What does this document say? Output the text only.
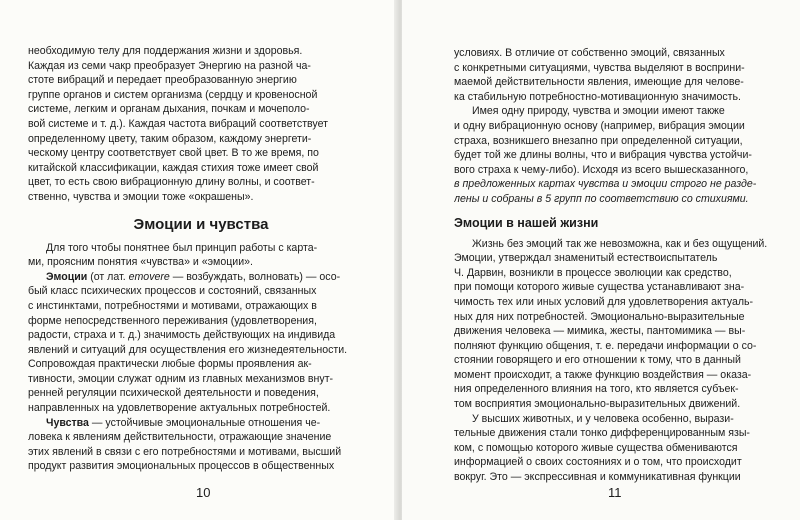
необходимую телу для поддержания жизни и здоровья.
Каждая из семи чакр преобразует Энергию на разной ча-
стоте вибраций и передает преобразованную энергию
группе органов и систем организма (сердцу и кровеносной
системе, легким и органам дыхания, почкам и мочеполо-
вой системе и т. д.). Каждая частота вибраций соответствует
определенному цвету, таким образом, каждому энергети-
ческому центру соответствует свой цвет. В то же время, по
китайской классификации, каждая стихия тоже имеет свой
цвет, то есть свою вибрационную длину волны, и соответ-
ственно, чувства и эмоции тоже «окрашены».
Эмоции и чувства
Для того чтобы понятнее был принцип работы с карта-
ми, проясним понятия «чувства» и «эмоции».
Эмоции (от лат. emovere — возбуждать, волновать) — осо-
бый класс психических процессов и состояний, связанных
с инстинктами, потребностями и мотивами, отражающих в
форме непосредственного переживания (удовлетворения,
радости, страха и т. д.) значимость действующих на индивида
явлений и ситуаций для осуществления его жизнедеятельности.
Сопровождая практически любые формы проявления ак-
тивности, эмоции служат одним из главных механизмов внут-
ренней регуляции психической деятельности и поведения,
направленных на удовлетворение актуальных потребностей.
Чувства — устойчивые эмоциональные отношения че-
ловека к явлениям действительности, отражающие значение
этих явлений в связи с его потребностями и мотивами, высший
продукт развития эмоциональных процессов в общественных
10
условиях. В отличие от собственно эмоций, связанных
с конкретными ситуациями, чувства выделяют в восприни-
маемой действительности явления, имеющие для челове-
ка стабильную потребностно-мотивационную значимость.
Имея одну природу, чувства и эмоции имеют также
и одну вибрационную основу (например, вибрация эмоции
страха, возникшего внезапно при определенной ситуации,
будет той же длины волны, что и вибрация чувства устойчи-
вого страха к чему-либо). Исходя из всего вышесказанного,
в предложенных картах чувства и эмоции строго не разде-
лены и собраны в 5 групп по соответствию со стихиями.
Эмоции в нашей жизни
Жизнь без эмоций так же невозможна, как и без ощущений.
Эмоции, утверждал знаменитый естествоиспытатель
Ч. Дарвин, возникли в процессе эволюции как средство,
при помощи которого живые существа устанавливают зна-
чимость тех или иных условий для удовлетворения актуаль-
ных для них потребностей. Эмоционально-выразительные
движения человека — мимика, жесты, пантомимика — вы-
полняют функцию общения, т. е. передачи информации о со-
стоянии говорящего и его отношении к тому, что в данный
момент происходит, а также функцию воздействия — оказа-
ния определенного влияния на того, кто является субъек-
том восприятия эмоционально-выразительных движений.
У высших животных, и у человека особенно, вырази-
тельные движения стали тонко дифференцированным язы-
ком, с помощью которого живые существа обмениваются
информацией о своих состояниях и о том, что происходит
вокруг. Это — экспрессивная и коммуникативная функции
11
